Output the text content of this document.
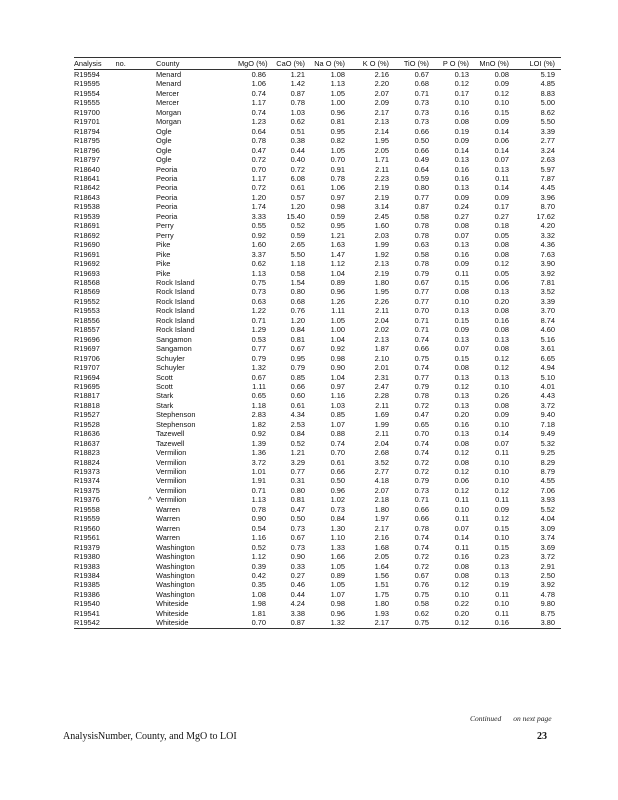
Analysis no.	County	MgO (%)	CaO (%)	Na O (%)	K O (%)	TiO (%)	P O (%)	MnO (%)	LOI (%)
R19594	Menard	0.86	1.21	1.08	2.16	0.67	0.13	0.08	5.19
R19595	Menard	1.06	1.42	1.13	2.20	0.68	0.12	0.09	4.85
R19554	Mercer	0.74	0.87	1.05	2.07	0.71	0.17	0.12	8.83
R19555	Mercer	1.17	0.78	1.00	2.09	0.73	0.10	0.10	5.00
R19700	Morgan	0.74	1.03	0.96	2.17	0.73	0.16	0.15	8.62
R19701	Morgan	1.23	0.62	0.81	2.13	0.73	0.08	0.09	5.50
R18794	Ogle	0.64	0.51	0.95	2.14	0.66	0.19	0.14	3.39
R18795	Ogle	0.78	0.38	0.82	1.95	0.50	0.09	0.06	2.77
R18796	Ogle	0.47	0.44	1.05	2.05	0.66	0.14	0.14	3.24
R18797	Ogle	0.72	0.40	0.70	1.71	0.49	0.13	0.07	2.63
R18640	Peoria	0.70	0.72	0.91	2.11	0.64	0.16	0.13	5.97
R18641	Peoria	1.17	6.08	0.78	2.23	0.59	0.16	0.11	7.87
R18642	Peoria	0.72	0.61	1.06	2.19	0.80	0.13	0.14	4.45
R18643	Peoria	1.20	0.57	0.97	2.19	0.77	0.09	0.09	3.96
R19538	Peoria	1.74	1.20	0.98	3.14	0.87	0.24	0.17	8.70
R19539	Peoria	3.33	15.40	0.59	2.45	0.58	0.27	0.27	17.62
R18691	Perry	0.55	0.52	0.95	1.60	0.78	0.08	0.18	4.20
R18692	Perry	0.92	0.59	1.21	2.03	0.78	0.07	0.05	3.32
R19690	Pike	1.60	2.65	1.63	1.99	0.63	0.13	0.08	4.36
R19691	Pike	3.37	5.50	1.47	1.92	0.58	0.16	0.08	7.63
R19692	Pike	0.62	1.18	1.12	2.13	0.78	0.09	0.12	3.90
R19693	Pike	1.13	0.58	1.04	2.19	0.79	0.11	0.05	3.92
R18568	Rock Island	0.75	1.54	0.89	1.80	0.67	0.15	0.06	7.81
R18569	Rock Island	0.73	0.80	0.96	1.95	0.77	0.08	0.13	3.52
R19552	Rock Island	0.63	0.68	1.26	2.26	0.77	0.10	0.20	3.39
R19553	Rock Island	1.22	0.76	1.11	2.11	0.70	0.13	0.08	3.70
R18556	Rock Island	0.71	1.20	1.05	2.04	0.71	0.15	0.16	8.74
R18557	Rock Island	1.29	0.84	1.00	2.02	0.71	0.09	0.08	4.60
R19696	Sangamon	0.53	0.81	1.04	2.13	0.74	0.13	0.13	5.16
R19697	Sangamon	0.77	0.67	0.92	1.87	0.66	0.07	0.08	3.61
R19706	Schuyler	0.79	0.95	0.98	2.10	0.75	0.15	0.12	6.65
R19707	Schuyler	1.32	0.79	0.90	2.01	0.74	0.08	0.12	4.94
R19694	Scott	0.67	0.85	1.04	2.31	0.77	0.13	0.13	5.10
R19695	Scott	1.11	0.66	0.97	2.47	0.79	0.12	0.10	4.01
R18817	Stark	0.65	0.60	1.16	2.28	0.78	0.13	0.26	4.43
R18818	Stark	1.18	0.61	1.03	2.11	0.72	0.13	0.08	3.72
R19527	Stephenson	2.83	4.34	0.85	1.69	0.47	0.20	0.09	9.40
R19528	Stephenson	1.82	2.53	1.07	1.99	0.65	0.16	0.10	7.18
R18636	Tazewell	0.92	0.84	0.88	2.11	0.70	0.13	0.14	9.49
R18637	Tazewell	1.39	0.52	0.74	2.04	0.74	0.08	0.07	5.32
R18823	Vermilion	1.36	1.21	0.70	2.68	0.74	0.12	0.11	9.25
R18824	Vermilion	3.72	3.29	0.61	3.52	0.72	0.08	0.10	8.29
R19373	Vermilion	1.01	0.77	0.66	2.77	0.72	0.12	0.10	8.79
R19374	Vermilion	1.91	0.31	0.50	4.18	0.79	0.06	0.10	4.55
R19375	Vermilion	0.71	0.80	0.96	2.07	0.73	0.12	0.12	7.06
R19376	^ Vermilion	1.13	0.81	1.02	2.18	0.71	0.11	0.11	3.93
R19558	Warren	0.78	0.47	0.73	1.80	0.66	0.10	0.09	5.52
R19559	Warren	0.90	0.50	0.84	1.97	0.66	0.11	0.12	4.04
R19560	Warren	0.54	0.73	1.30	2.17	0.78	0.07	0.15	3.09
R19561	Warren	1.16	0.67	1.10	2.16	0.74	0.14	0.10	3.74
R19379	Washington	0.52	0.73	1.33	1.68	0.74	0.11	0.15	3.69
R19380	Washington	1.12	0.90	1.66	2.05	0.72	0.16	0.23	3.72
R19383	Washington	0.39	0.33	1.05	1.64	0.72	0.08	0.13	2.91
R19384	Washington	0.42	0.27	0.89	1.56	0.67	0.08	0.13	2.50
R19385	Washington	0.35	0.46	1.05	1.51	0.76	0.12	0.19	3.92
R19386	Washington	1.08	0.44	1.07	1.75	0.75	0.10	0.11	4.78
R19540	Whiteside	1.98	4.24	0.98	1.80	0.58	0.22	0.10	9.80
R19541	Whiteside	1.81	3.38	0.96	1.93	0.62	0.20	0.11	8.75
R19542	Whiteside	0.70	0.87	1.32	2.17	0.75	0.12	0.16	3.80
Continued on next page
AnalysisNumber, County, and MgO to LOI	23
